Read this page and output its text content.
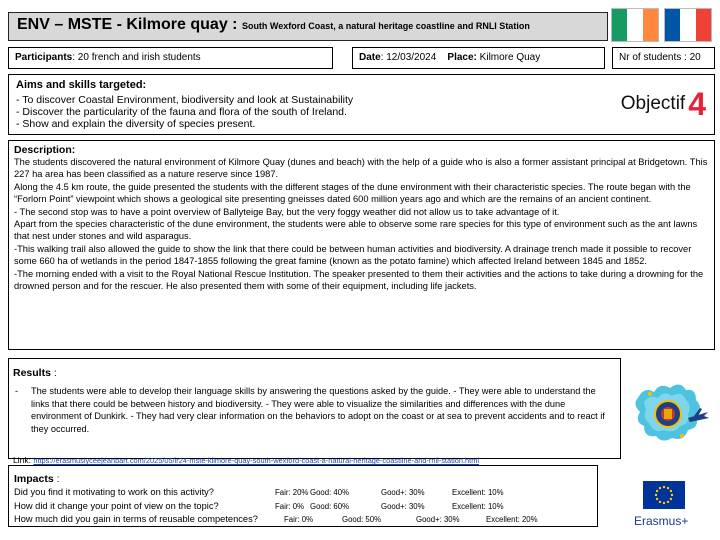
ENV – MSTE - Kilmore quay : South Wexford Coast, a natural heritage coastline and RNLI Station
Participants: 20 french and irish students	Date: 12/03/2024 Place: Kilmore Quay	Nr of students : 20
Aims and skills targeted:
- To discover Coastal Environment, biodiversity and look at Sustainability
- Discover the particularity of the fauna and flora of the south of Ireland.
- Show and explain the diversity of species present.
Objectif 4
Description:

The students discovered the natural environment of Kilmore Quay (dunes and beach) with the help of a guide who is also a former assistant principal at Bridgetown. This 227 ha area has been classified as a nature reserve since 1987.

Along the 4.5 km route, the guide presented the students with the different stages of the dune environment with their characteristic species. The route began with the “Forlorn Point” viewpoint which shows a geological site presenting gneisses dated 600 million years ago and which are the remains of an ancient continent.

- The second stop was to have a point overview of Ballyteige Bay, but the very foggy weather did not allow us to take advantage of it.

Apart from the species characteristic of the dune environment, the students were able to observe some rare species for this type of environment such as the ant lawns that nest under stones and wild asparagus.

-This walking trail also allowed the guide to show the link that there could be between human activities and biodiversity. A drainage trench made it possible to recover some 660 ha of wetlands in the period 1847-1855 following the great famine (known as the potato famine) which affected Ireland between 1845 and 1852.

-The morning ended with a visit to the Royal National Rescue Institution. The speaker presented to them their activities and the actions to take during a drowning for the drowned person and for the rescuer. He also presented them with some of their equipment, including life jackets.

Results :
-	The students were able to develop their language skills by answering the questions asked by the guide. - They were able to understand the links that there could be between history and biodiversity. - They were able to visualize the similarities and differences with the dune environment of Dunkirk. - They had very clear information on the behaviors to adopt on the coast or at sea to prevent accidents and to react if they occurred.
Link: https://erasmuslyceejeanbart.com/2025/05/ir24-mste-kilmore-quay-south-wexford-coast-a-natural-heritage-coastline-and-rnli-station.html
Impacts :
Did you find it motivating to work on this activity?	Fair: 20% Good: 40%	Good+: 30%	Excellent: 10%
How did it change your point of view on the topic?	Fair: 0% Good: 60%	Good+: 30%	Excellent: 10%
How much did you gain in terms of reusable competences?	Fair: 0%	Good: 50%	Good+: 30%	Excellent: 20%	Erasmus+
